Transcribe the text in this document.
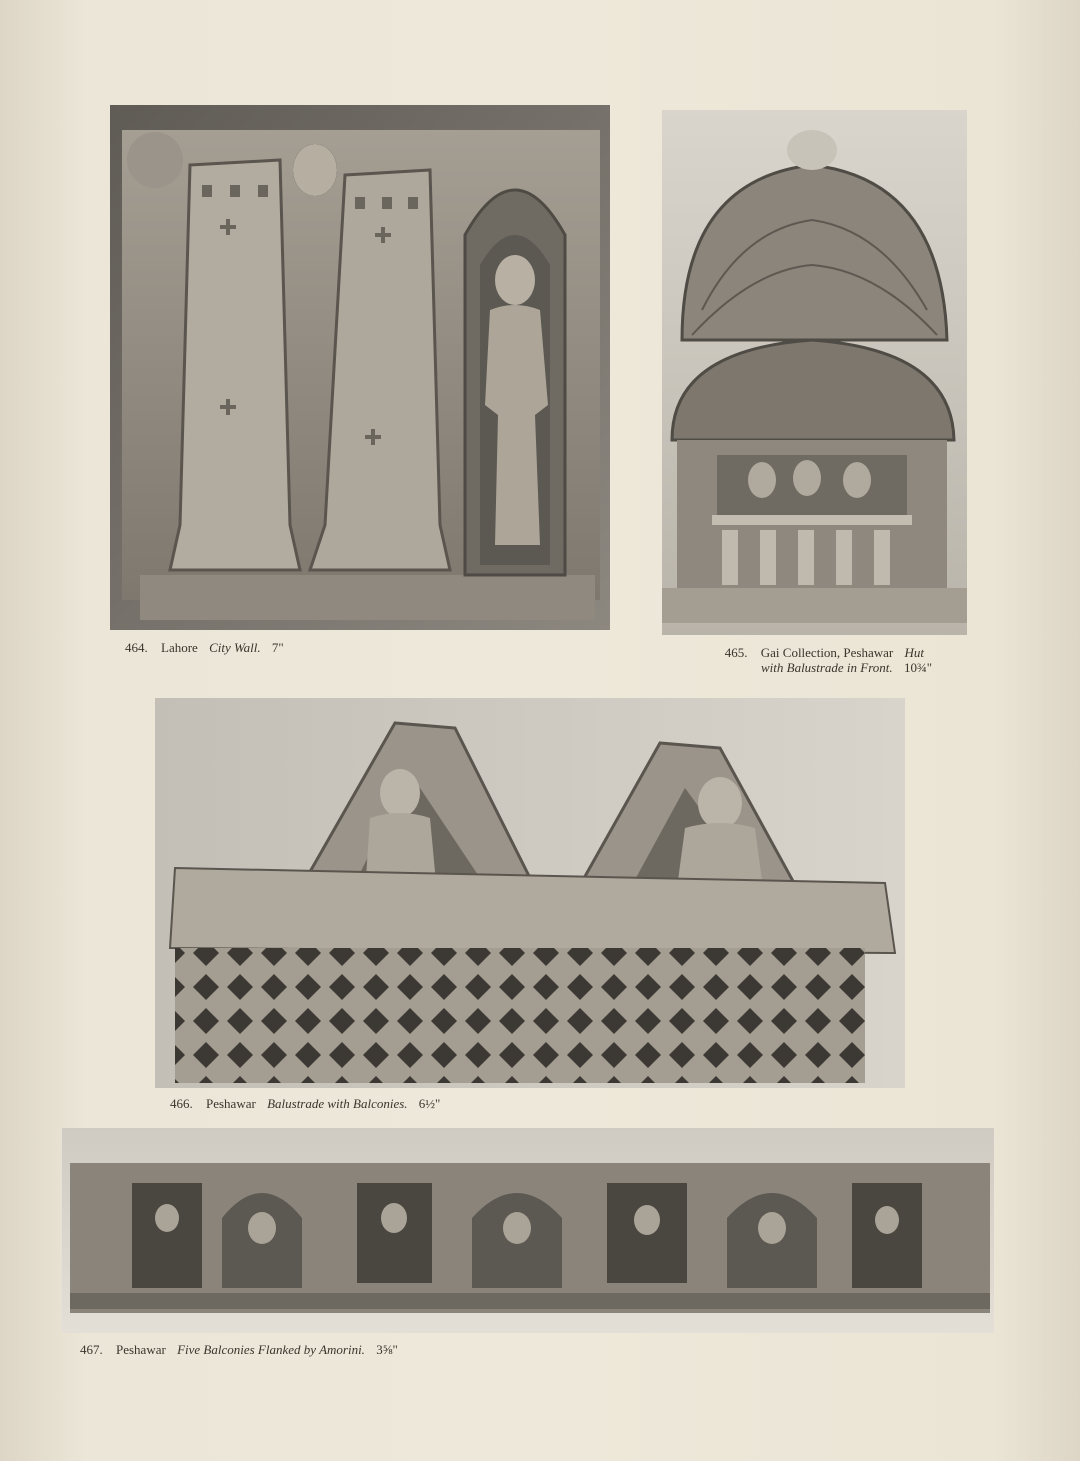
464. Lahore City Wall. 7"	465. Gai Collection, Peshawar Hut
with Balustrade in Front. 10¾"
466. Peshawar Balustrade with Balconies. 6½"
467. Peshawar Five Balconies Flanked by Amorini. 3⅝"
